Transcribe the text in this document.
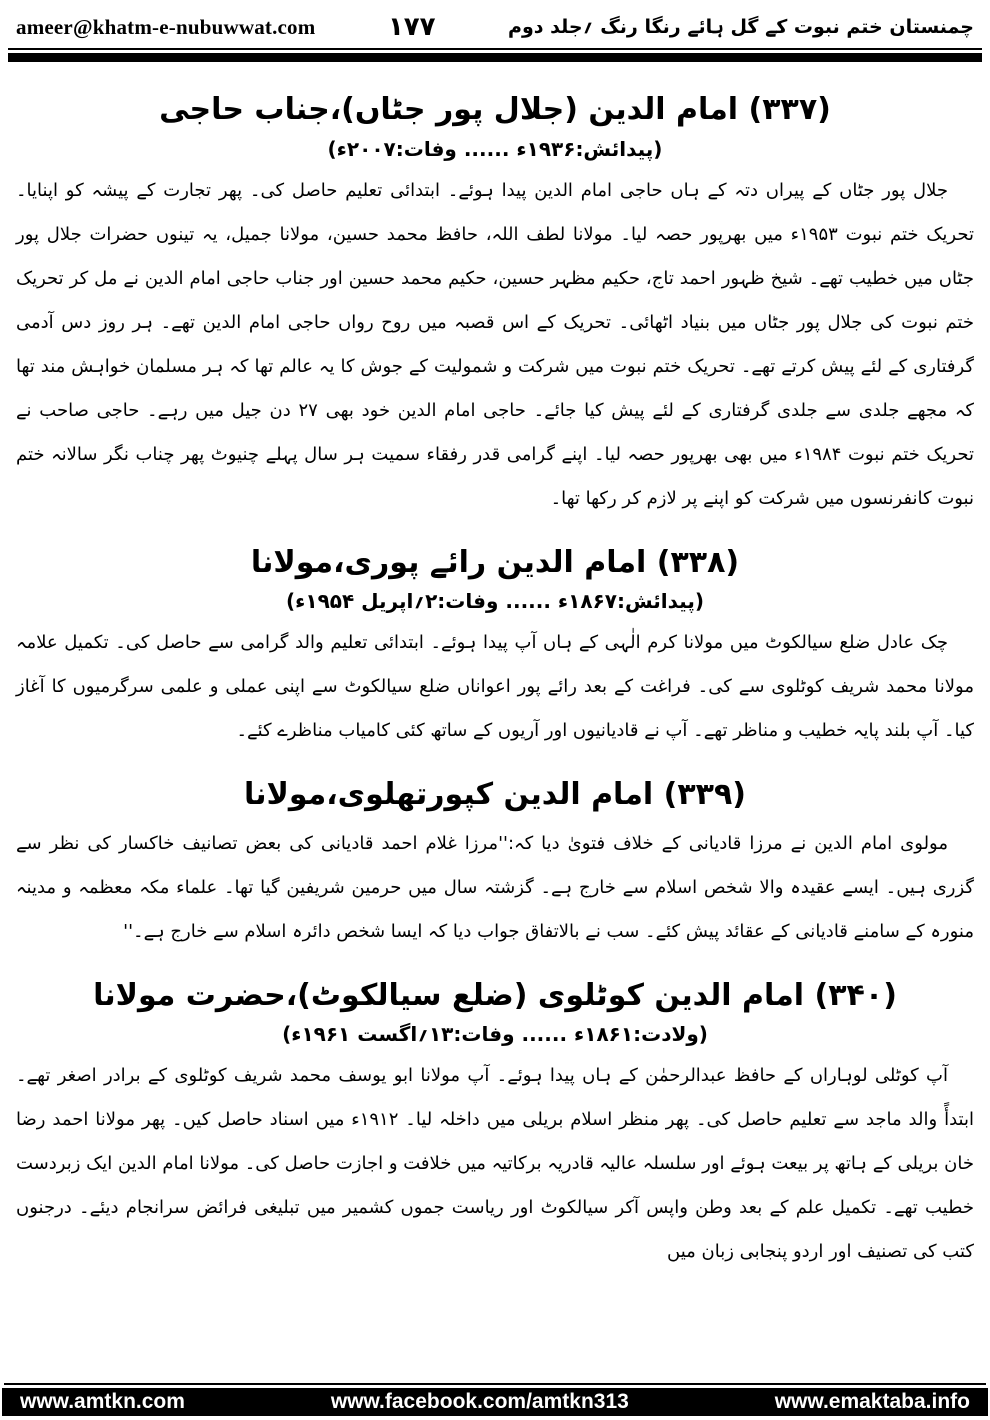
ameer@khatm-e-nubuwwat.com	۱۷۷	چمنستان ختم نبوت کے گل ہائے رنگا رنگ ؍جلد دوم
(۳۳۷) امام الدین (جلال پور جٹاں)،جناب حاجی
(پیدائش:۱۹۳۶ء ...... وفات:۲۰۰۷ء)

جلال پور جٹاں کے پیراں دتہ کے ہاں حاجی امام الدین پیدا ہوئے۔ ابتدائی تعلیم حاصل کی۔ پھر تجارت کے پیشہ کو اپنایا۔ تحریک ختم نبوت ۱۹۵۳ء میں بھرپور حصہ لیا۔ مولانا لطف اللہ، حافظ محمد حسین، مولانا جمیل، یہ تینوں حضرات جلال پور جٹاں میں خطیب تھے۔ شیخ ظہور احمد تاج، حکیم مظہر حسین، حکیم محمد حسین اور جناب حاجی امام الدین نے مل کر تحریک ختم نبوت کی جلال پور جٹاں میں بنیاد اٹھائی۔ تحریک کے اس قصبہ میں روح رواں حاجی امام الدین تھے۔ ہر روز دس آدمی گرفتاری کے لئے پیش کرتے تھے۔ تحریک ختم نبوت میں شرکت و شمولیت کے جوش کا یہ عالم تھا کہ ہر مسلمان خواہش مند تھا کہ مجھے جلدی سے جلدی گرفتاری کے لئے پیش کیا جائے۔ حاجی امام الدین خود بھی ۲۷ دن جیل میں رہے۔ حاجی صاحب نے تحریک ختم نبوت ۱۹۸۴ء میں بھی بھرپور حصہ لیا۔ اپنے گرامی قدر رفقاء سمیت ہر سال پہلے چنیوٹ پھر چناب نگر سالانہ ختم نبوت کانفرنسوں میں شرکت کو اپنے پر لازم کر رکھا تھا۔

(۳۳۸) امام الدین رائے پوری،مولانا
(پیدائش:۱۸۶۷ء ...... وفات:۲؍اپریل ۱۹۵۴ء)

چک عادل ضلع سیالکوٹ میں مولانا کرم الٰہی کے ہاں آپ پیدا ہوئے۔ ابتدائی تعلیم والد گرامی سے حاصل کی۔ تکمیل علامہ مولانا محمد شریف کوٹلوی سے کی۔ فراغت کے بعد رائے پور اعواناں ضلع سیالکوٹ سے اپنی عملی و علمی سرگرمیوں کا آغاز کیا۔ آپ بلند پایہ خطیب و مناظر تھے۔ آپ نے قادیانیوں اور آریوں کے ساتھ کئی کامیاب مناظرے کئے۔

(۳۳۹) امام الدین کپورتھلوی،مولانا

مولوی امام الدین نے مرزا قادیانی کے خلاف فتویٰ دیا کہ:''مرزا غلام احمد قادیانی کی بعض تصانیف خاکسار کی نظر سے گزری ہیں۔ ایسے عقیدہ والا شخص اسلام سے خارج ہے۔ گزشتہ سال میں حرمین شریفین گیا تھا۔ علماء مکہ معظمہ و مدینہ منورہ کے سامنے قادیانی کے عقائد پیش کئے۔ سب نے بالاتفاق جواب دیا کہ ایسا شخص دائرہ اسلام سے خارج ہے۔''

(۳۴۰) امام الدین کوٹلوی (ضلع سیالکوٹ)،حضرت مولانا
(ولادت:۱۸۶۱ء ...... وفات:۱۳؍اگست ۱۹۶۱ء)

آپ کوٹلی لوہاراں کے حافظ عبدالرحمٰن کے ہاں پیدا ہوئے۔ آپ مولانا ابو یوسف محمد شریف کوٹلوی کے برادر اصغر تھے۔ ابتدأً والد ماجد سے تعلیم حاصل کی۔ پھر منظر اسلام بریلی میں داخلہ لیا۔ ۱۹۱۲ء میں اسناد حاصل کیں۔ پھر مولانا احمد رضا خان بریلی کے ہاتھ پر بیعت ہوئے اور سلسلہ عالیہ قادریہ برکاتیہ میں خلافت و اجازت حاصل کی۔ مولانا امام الدین ایک زبردست خطیب تھے۔ تکمیل علم کے بعد وطن واپس آکر سیالکوٹ اور ریاست جموں کشمیر میں تبلیغی فرائض سرانجام دیئے۔ درجنوں کتب کی تصنیف اور اردو پنجابی زبان میں

www.amtkn.com	www.facebook.com/amtkn313	www.emaktaba.info
